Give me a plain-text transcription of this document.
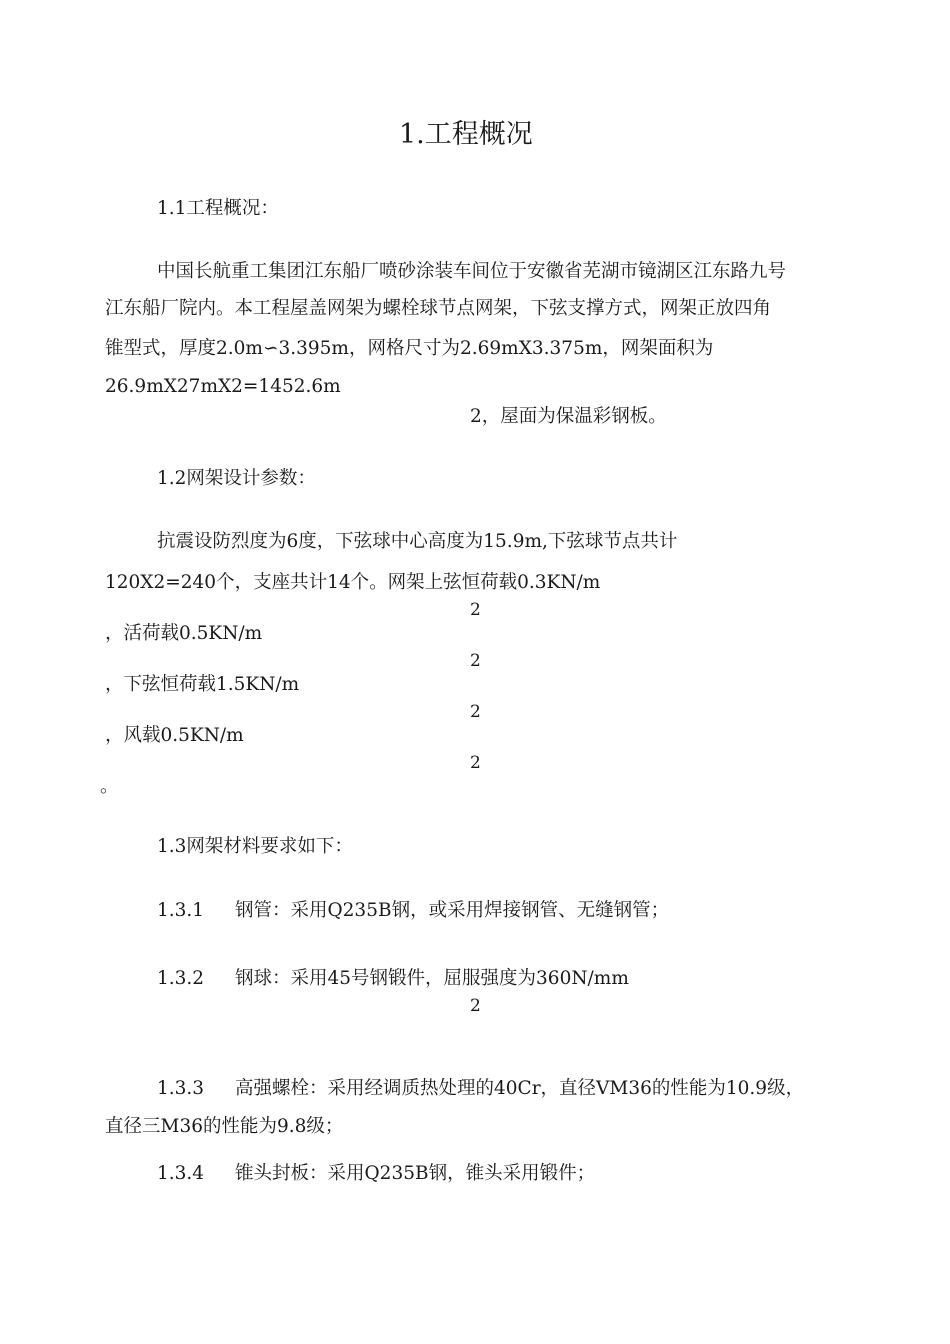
1.工程概况

1.1工程概况：

中国长航重工集团江东船厂喷砂涂装车间位于安徽省芜湖市镜湖区江东路九号

江东船厂院内。本工程屋盖网架为螺栓球节点网架，下弦支撑方式，网架正放四角

锥型式，厚度2.0m∽3.395m，网格尺寸为2.69mX3.375m，网架面积为

26.9mX27mX2=1452.6m

2，屋面为保温彩钢板。

1.2网架设计参数：

抗震设防烈度为6度，下弦球中心高度为15.9m,下弦球节点共计

120X2=240个，支座共计14个。网架上弦恒荷载0.3KN/m

2

，活荷载0.5KN/m

2

，下弦恒荷载1.5KN/m

2

，风载0.5KN/m

2

。

1.3网架材料要求如下：

1.3.1 钢管：采用Q235B钢，或采用焊接钢管、无缝钢管；

1.3.2 钢球：采用45号钢锻件，屈服强度为360N/mm

2

1.3.3 高强螺栓：采用经调质热处理的40Cr，直径VM36的性能为10.9级，

直径三M36的性能为9.8级；

1.3.4 锥头封板：采用Q235B钢，锥头采用锻件；
